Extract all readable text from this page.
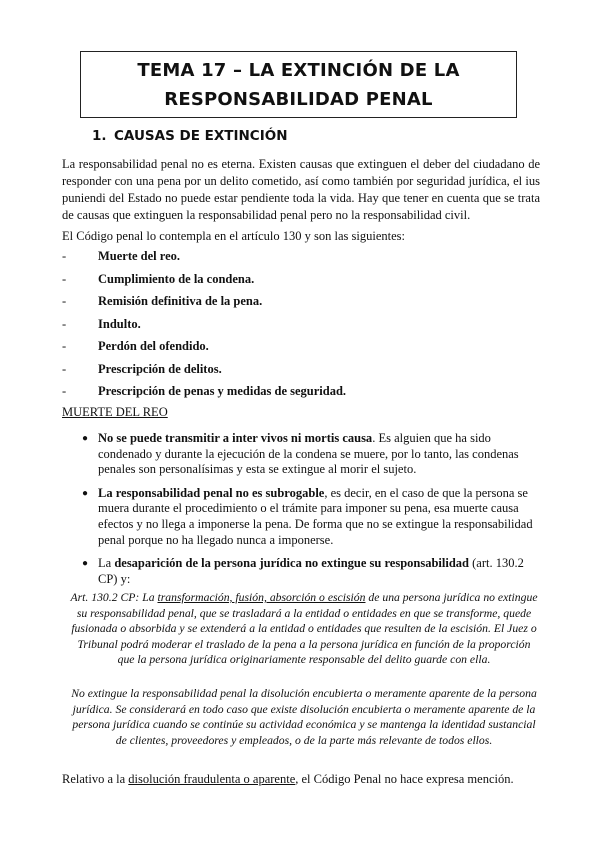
TEMA 17 – LA EXTINCIÓN DE LA
RESPONSABILIDAD PENAL
1. CAUSAS DE EXTINCIÓN
La responsabilidad penal no es eterna. Existen causas que extinguen el deber del ciudadano de responder con una pena por un delito cometido, así como también por seguridad jurídica, el ius puniendi del Estado no puede estar pendiente toda la vida. Hay que tener en cuenta que se trata de causas que extinguen la responsabilidad penal pero no la responsabilidad civil.
El Código penal lo contempla en el artículo 130 y son las siguientes:
-	Muerte del reo.
-	Cumplimiento de la condena.
-	Remisión definitiva de la pena.
-	Indulto.
-	Perdón del ofendido.
-	Prescripción de delitos.
-	Prescripción de penas y medidas de seguridad.
MUERTE DEL REO
● No se puede transmitir a inter vivos ni mortis causa. Es alguien que ha sido condenado y durante la ejecución de la condena se muere, por lo tanto, las condenas penales son personalísimas y esta se extingue al morir el sujeto.
● La responsabilidad penal no es subrogable, es decir, en el caso de que la persona se muera durante el procedimiento o el trámite para imponer su pena, esa muerte causa efectos y no llega a imponerse la pena. De forma que no se extingue la responsabilidad penal porque no ha llegado nunca a imponerse.
● La desaparición de la persona jurídica no extingue su responsabilidad (art. 130.2 CP) y:
Art. 130.2 CP: La transformación, fusión, absorción o escisión de una persona jurídica no extingue su responsabilidad penal, que se trasladará a la entidad o entidades en que se transforme, quede fusionada o absorbida y se extenderá a la entidad o entidades que resulten de la escisión. El Juez o Tribunal podrá moderar el traslado de la pena a la persona jurídica en función de la proporción que la persona jurídica originariamente responsable del delito guarde con ella.
No extingue la responsabilidad penal la disolución encubierta o meramente aparente de la persona jurídica. Se considerará en todo caso que existe disolución encubierta o meramente aparente de la persona jurídica cuando se continúe su actividad económica y se mantenga la identidad sustancial de clientes, proveedores y empleados, o de la parte más relevante de todos ellos.
Relativo a la disolución fraudulenta o aparente, el Código Penal no hace expresa mención.
